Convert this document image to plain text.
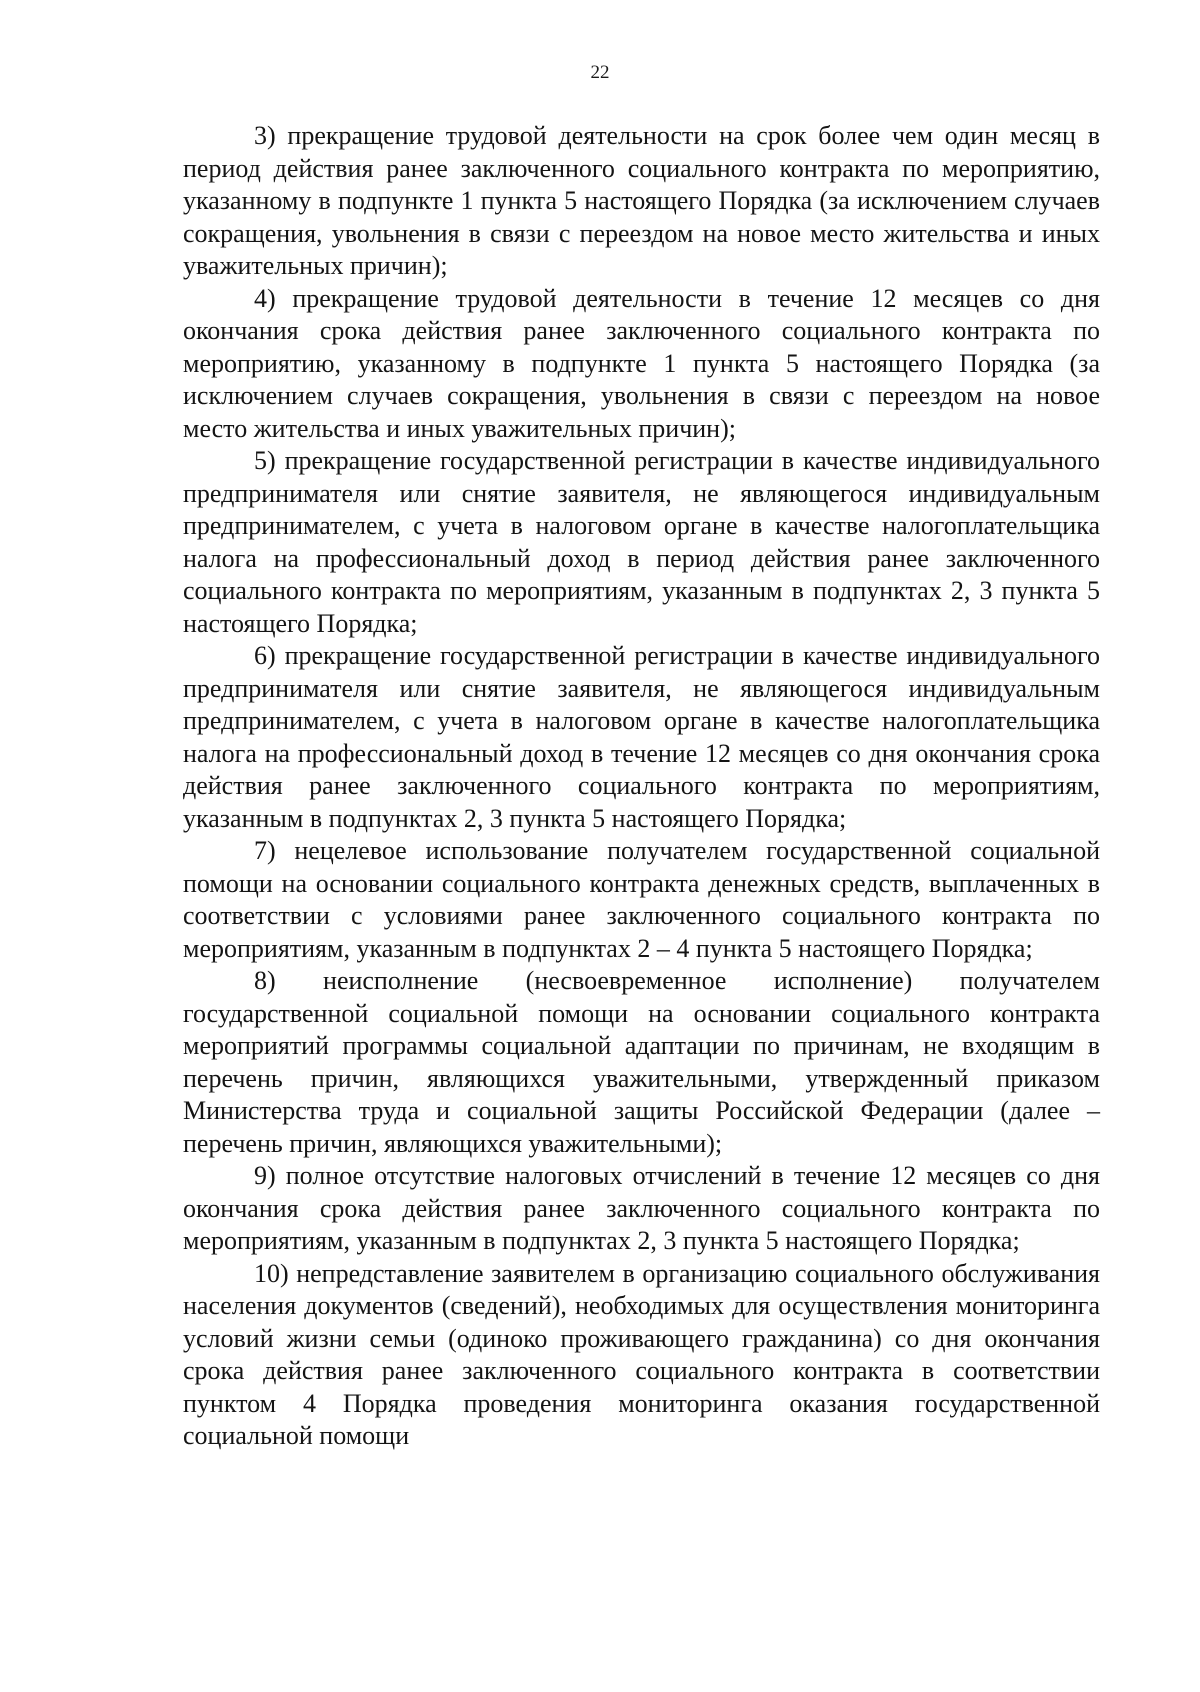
22

3) прекращение трудовой деятельности на срок более чем один месяц в период действия ранее заключенного социального контракта по мероприятию, указанному в подпункте 1 пункта 5 настоящего Порядка (за исключением случаев сокращения, увольнения в связи с переездом на новое место жительства и иных уважительных причин);

4) прекращение трудовой деятельности в течение 12 месяцев со дня окончания срока действия ранее заключенного социального контракта по мероприятию, указанному в подпункте 1 пункта 5 настоящего Порядка (за исключением случаев сокращения, увольнения в связи с переездом на новое место жительства и иных уважительных причин);

5) прекращение государственной регистрации в качестве индивидуального предпринимателя или снятие заявителя, не являющегося индивидуальным предпринимателем, с учета в налоговом органе в качестве налогоплательщика налога на профессиональный доход в период действия ранее заключенного социального контракта по мероприятиям, указанным в подпунктах 2, 3 пункта 5 настоящего Порядка;

6) прекращение государственной регистрации в качестве индивидуального предпринимателя или снятие заявителя, не являющегося индивидуальным предпринимателем, с учета в налоговом органе в качестве налогоплательщика налога на профессиональный доход в течение 12 месяцев со дня окончания срока действия ранее заключенного социального контракта по мероприятиям, указанным в подпунктах 2, 3 пункта 5 настоящего Порядка;

7) нецелевое использование получателем государственной социальной помощи на основании социального контракта денежных средств, выплаченных в соответствии с условиями ранее заключенного социального контракта по мероприятиям, указанным в подпунктах 2 – 4 пункта 5 настоящего Порядка;

8) неисполнение (несвоевременное исполнение) получателем государственной социальной помощи на основании социального контракта мероприятий программы социальной адаптации по причинам, не входящим в перечень причин, являющихся уважительными, утвержденный приказом Министерства труда и социальной защиты Российской Федерации (далее – перечень причин, являющихся уважительными);

9) полное отсутствие налоговых отчислений в течение 12 месяцев со дня окончания срока действия ранее заключенного социального контракта по мероприятиям, указанным в подпунктах 2, 3 пункта 5 настоящего Порядка;

10) непредставление заявителем в организацию социального обслуживания населения документов (сведений), необходимых для осуществления мониторинга условий жизни семьи (одиноко проживающего гражданина) со дня окончания срока действия ранее заключенного социального контракта в соответствии пунктом 4 Порядка проведения мониторинга оказания государственной социальной помощи
